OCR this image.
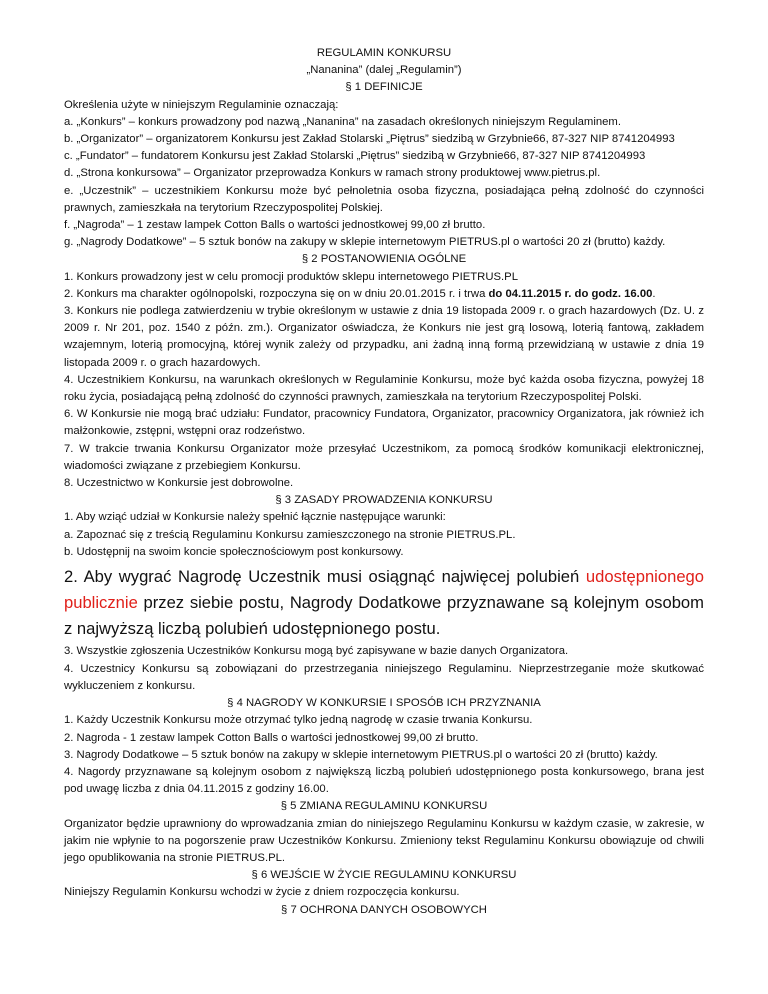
REGULAMIN KONKURSU

„Nananina” (dalej „Regulamin”)

§ 1 DEFINICJE

Określenia użyte w niniejszym Regulaminie oznaczają:

a. „Konkurs” – konkurs prowadzony pod nazwą „Nananina” na zasadach określonych niniejszym Regulaminem.

b. „Organizator” – organizatorem Konkursu jest Zakład Stolarski „Piętrus” siedzibą w Grzybnie66, 87-327 NIP 8741204993

c. „Fundator” – fundatorem Konkursu jest Zakład Stolarski „Piętrus” siedzibą w Grzybnie66, 87-327 NIP 8741204993

d. „Strona konkursowa” – Organizator przeprowadza Konkurs w ramach strony produktowej www.pietrus.pl.

e. „Uczestnik” – uczestnikiem Konkursu może być pełnoletnia osoba fizyczna, posiadająca pełną zdolność do czynności prawnych, zamieszkała na terytorium Rzeczypospolitej Polskiej.

f. „Nagroda” – 1 zestaw lampek Cotton Balls o wartości jednostkowej 99,00 zł brutto.

g. „Nagrody Dodatkowe” – 5 sztuk bonów na zakupy w sklepie internetowym PIETRUS.pl o wartości 20 zł (brutto) każdy.

§ 2 POSTANOWIENIA OGÓLNE

1. Konkurs prowadzony jest w celu promocji produktów sklepu internetowego PIETRUS.PL

2. Konkurs ma charakter ogólnopolski, rozpoczyna się on w dniu 20.01.2015 r. i trwa do 04.11.2015 r. do godz. 16.00.

3. Konkurs nie podlega zatwierdzeniu w trybie określonym w ustawie z dnia 19 listopada 2009 r. o grach hazardowych (Dz. U. z 2009 r. Nr 201, poz. 1540 z późn. zm.). Organizator oświadcza, że Konkurs nie jest grą losową, loterią fantową, zakładem wzajemnym, loterią promocyjną, której wynik zależy od przypadku, ani żadną inną formą przewidzianą w ustawie z dnia 19 listopada 2009 r. o grach hazardowych.

4. Uczestnikiem Konkursu, na warunkach określonych w Regulaminie Konkursu, może być każda osoba fizyczna, powyżej 18 roku życia, posiadającą pełną zdolność do czynności prawnych, zamieszkała na terytorium Rzeczypospolitej Polski.

6. W Konkursie nie mogą brać udziału: Fundator, pracownicy Fundatora, Organizator, pracownicy Organizatora, jak również ich małżonkowie, zstępni, wstępni oraz rodzeństwo.

7. W trakcie trwania Konkursu Organizator może przesyłać Uczestnikom, za pomocą środków komunikacji elektronicznej, wiadomości związane z przebiegiem Konkursu.

8. Uczestnictwo w Konkursie jest dobrowolne.

§ 3 ZASADY PROWADZENIA KONKURSU

1. Aby wziąć udział w Konkursie należy spełnić łącznie następujące warunki:

a. Zapoznać się z treścią Regulaminu Konkursu zamieszczonego na stronie PIETRUS.PL.

b. Udostępnij na swoim koncie społecznościowym post konkursowy.

2. Aby wygrać Nagrodę Uczestnik musi osiągnąć najwięcej polubień udostępnionego publicznie przez siebie postu, Nagrody Dodatkowe przyznawane są kolejnym osobom z najwyższą liczbą polubień udostępnionego postu.

3. Wszystkie zgłoszenia Uczestników Konkursu mogą być zapisywane w bazie danych Organizatora.

4. Uczestnicy Konkursu są zobowiązani do przestrzegania niniejszego Regulaminu. Nieprzestrzeganie może skutkować wykluczeniem z konkursu.

§ 4 NAGRODY W KONKURSIE I SPOSÓB ICH PRZYZNANIA

1. Każdy Uczestnik Konkursu może otrzymać tylko jedną nagrodę w czasie trwania Konkursu.

2. Nagroda - 1 zestaw lampek Cotton Balls o wartości jednostkowej 99,00 zł brutto.

3. Nagrody Dodatkowe – 5 sztuk bonów na zakupy w sklepie internetowym PIETRUS.pl o wartości 20 zł (brutto) każdy.

4. Nagordy przyznawane są kolejnym osobom z największą liczbą polubień udostępnionego posta konkursowego, brana jest pod uwagę liczba z dnia 04.11.2015 z godziny 16.00.

§ 5 ZMIANA REGULAMINU KONKURSU

Organizator będzie uprawniony do wprowadzania zmian do niniejszego Regulaminu Konkursu w każdym czasie, w zakresie, w jakim nie wpłynie to na pogorszenie praw Uczestników Konkursu. Zmieniony tekst Regulaminu Konkursu obowiązuje od chwili jego opublikowania na stronie PIETRUS.PL.

§ 6 WEJŚCIE W ŻYCIE REGULAMINU KONKURSU

Niniejszy Regulamin Konkursu wchodzi w życie z dniem rozpoczęcia konkursu.

§ 7 OCHRONA DANYCH OSOBOWYCH
